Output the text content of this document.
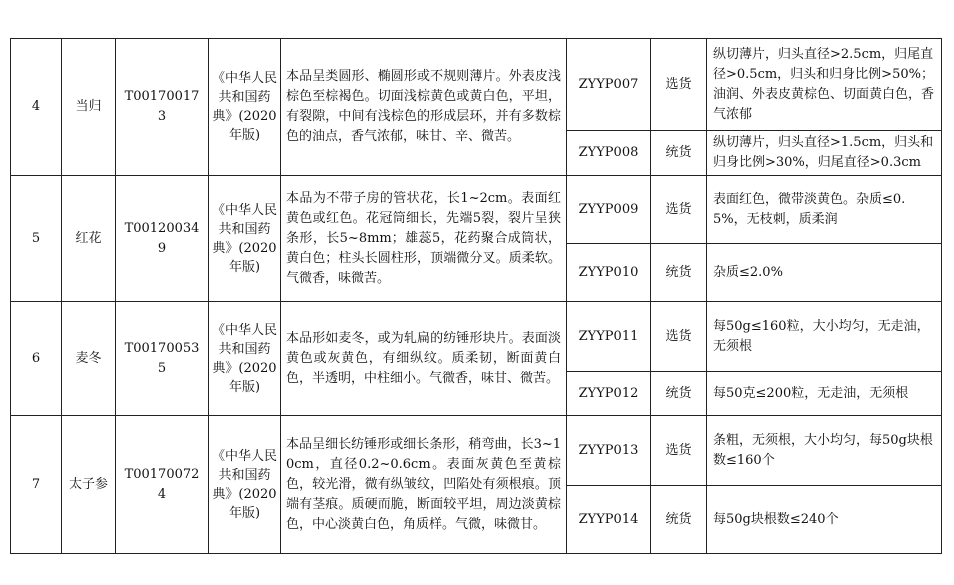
4	当归	T001700173	《中华人民共和国药典》(2020年版)	本品呈类圆形、椭圆形或不规则薄片。外表皮浅棕色至棕褐色。切面浅棕黄色或黄白色，平坦，有裂隙，中间有浅棕色的形成层环，并有多数棕色的油点，香气浓郁，味甘、辛、微苦。	ZYYP007	选货	纵切薄片，归头直径>2.5cm，归尾直径>0.5cm，归头和归身比例>50%；油润、外表皮黄棕色、切面黄白色，香气浓郁
					ZYYP008	统货	纵切薄片，归头直径>1.5cm，归头和归身比例>30%，归尾直径>0.3cm
5	红花	T001200349	《中华人民共和国药典》(2020年版)	本品为不带子房的管状花，长1~2cm。表面红黄色或红色。花冠筒细长，先端5裂，裂片呈狭条形，长5~8mm；雄蕊5，花药聚合成筒状，黄白色；柱头长圆柱形，顶端微分叉。质柔软。气微香，味微苦。	ZYYP009	选货	表面红色，微带淡黄色。杂质≤0.5%，无枝刺，质柔润
					ZYYP010	统货	杂质≤2.0%
6	麦冬	T001700535	《中华人民共和国药典》(2020年版)	本品形如麦冬，或为轧扁的纺锤形块片。表面淡黄色或灰黄色，有细纵纹。质柔韧，断面黄白色，半透明，中柱细小。气微香，味甘、微苦。	ZYYP011	选货	每50g≤160粒，大小均匀，无走油，无须根
					ZYYP012	统货	每50克≤200粒，无走油，无须根
7	太子参	T001700724	《中华人民共和国药典》(2020年版)	本品呈细长纺锤形或细长条形，稍弯曲，长3~10cm，直径0.2~0.6cm。表面灰黄色至黄棕色，较光滑，微有纵皱纹，凹陷处有须根痕。顶端有茎痕。质硬而脆，断面较平坦，周边淡黄棕色，中心淡黄白色，角质样。气微，味微甘。	ZYYP013	选货	条粗，无须根，大小均匀，每50g块根数≤160个
					ZYYP014	统货	每50g块根数≤240个
